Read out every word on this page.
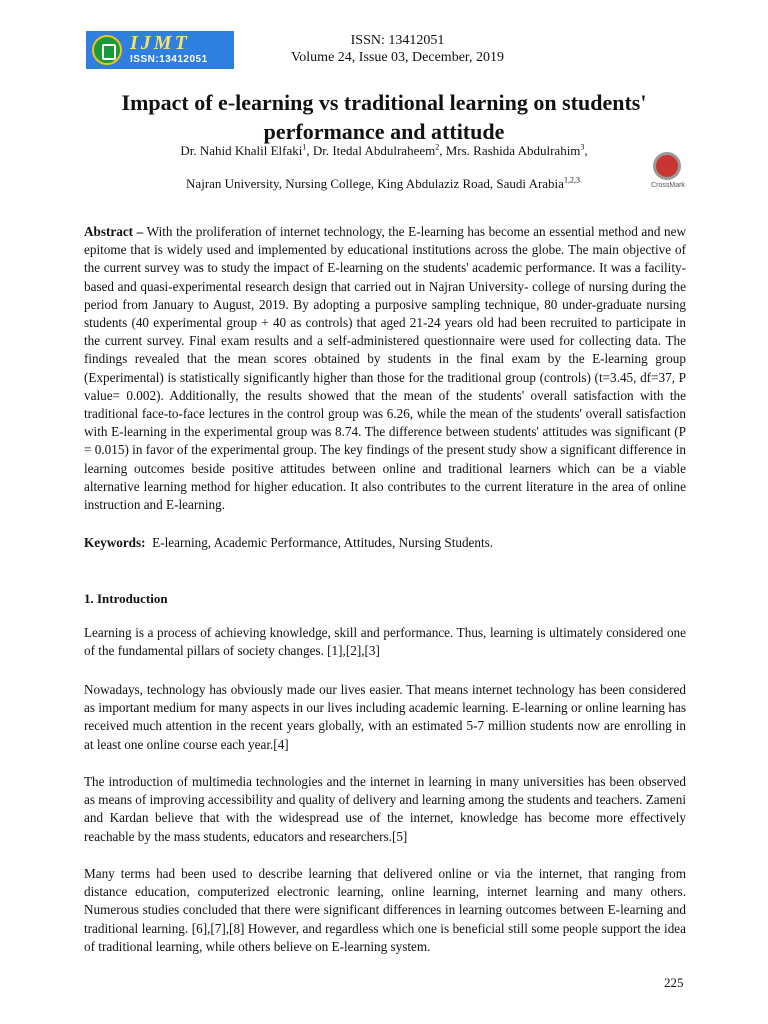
IJMT
ISSN:13412051
ISSN: 13412051
Volume 24, Issue 03, December, 2019
Impact of e-learning vs traditional learning on students' performance and attitude
Dr. Nahid Khalil Elfaki$^1$, Dr. Itedal Abdulraheem$^2$, Mrs. Rashida Abdulrahim$^3$,
Najran University, Nursing College, King Abdulaziz Road, Saudi Arabia$^{1,2,3.}$
CrossMark

Abstract – With the proliferation of internet technology, the E-learning has become an essential method and new epitome that is widely used and implemented by educational institutions across the globe. The main objective of the current survey was to study the impact of E-learning on the students' academic performance. It was a facility-based and quasi-experimental research design that carried out in Najran University- college of nursing during the period from January to August, 2019. By adopting a purposive sampling technique, 80 under-graduate nursing students (40 experimental group + 40 as controls) that aged 21-24 years old had been recruited to participate in the current survey. Final exam results and a self-administered questionnaire were used for collecting data. The findings revealed that the mean scores obtained by students in the final exam by the E-learning group (Experimental) is statistically significantly higher than those for the traditional group (controls) (t=3.45, df=37, P value= 0.002). Additionally, the results showed that the mean of the students' overall satisfaction with the traditional face-to-face lectures in the control group was 6.26, while the mean of the students' overall satisfaction with E-learning in the experimental group was 8.74. The difference between students' attitudes was significant (P = 0.015) in favor of the experimental group. The key findings of the present study show a significant difference in learning outcomes beside positive attitudes between online and traditional learners which can be a viable alternative learning method for higher education. It also contributes to the current literature in the area of online instruction and E-learning.

Keywords: E-learning, Academic Performance, Attitudes, Nursing Students.

1. Introduction

Learning is a process of achieving knowledge, skill and performance. Thus, learning is ultimately considered one of the fundamental pillars of society changes. [1],[2],[3]

Nowadays, technology has obviously made our lives easier. That means internet technology has been considered as important medium for many aspects in our lives including academic learning. E-learning or online learning has received much attention in the recent years globally, with an estimated 5-7 million students now are enrolling in at least one online course each year.[4]

The introduction of multimedia technologies and the internet in learning in many universities has been observed as means of improving accessibility and quality of delivery and learning among the students and teachers. Zameni and Kardan believe that with the widespread use of the internet, knowledge has become more effectively reachable by the mass students, educators and researchers.[5]

Many terms had been used to describe learning that delivered online or via the internet, that ranging from distance education, computerized electronic learning, online learning, internet learning and many others. Numerous studies concluded that there were significant differences in learning outcomes between E-learning and traditional learning. [6],[7],[8] However, and regardless which one is beneficial still some people support the idea of traditional learning, while others believe on E-learning system.

225
